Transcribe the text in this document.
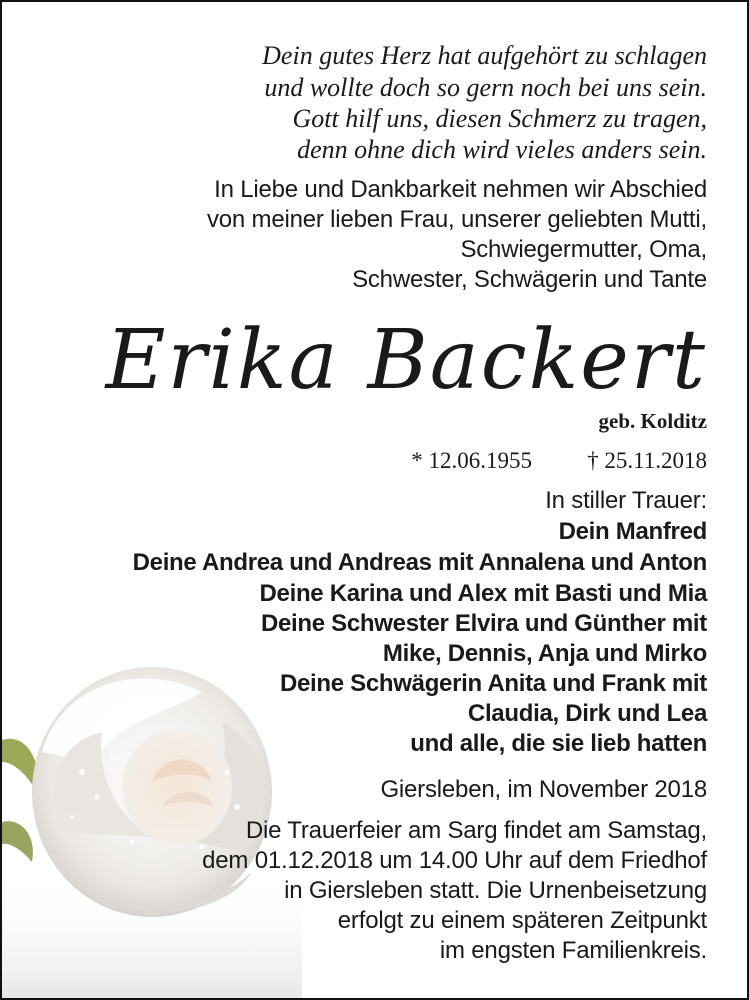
Dein gutes Herz hat aufgehört zu schlagen
und wollte doch so gern noch bei uns sein.
Gott hilf uns, diesen Schmerz zu tragen,
denn ohne dich wird vieles anders sein.
In Liebe und Dankbarkeit nehmen wir Abschied
von meiner lieben Frau, unserer geliebten Mutti,
Schwiegermutter, Oma,
Schwester, Schwägerin und Tante
Erika Backert
geb. Kolditz
* 12.06.1955 † 25.11.2018
In stiller Trauer:
Dein Manfred
Deine Andrea und Andreas mit Annalena und Anton
Deine Karina und Alex mit Basti und Mia
Deine Schwester Elvira und Günther mit
Mike, Dennis, Anja und Mirko
Deine Schwägerin Anita und Frank mit
Claudia, Dirk und Lea
und alle, die sie lieb hatten
Giersleben, im November 2018
Die Trauerfeier am Sarg findet am Samstag,
dem 01.12.2018 um 14.00 Uhr auf dem Friedhof
in Giersleben statt. Die Urnenbeisetzung
erfolgt zu einem späteren Zeitpunkt
im engsten Familienkreis.
